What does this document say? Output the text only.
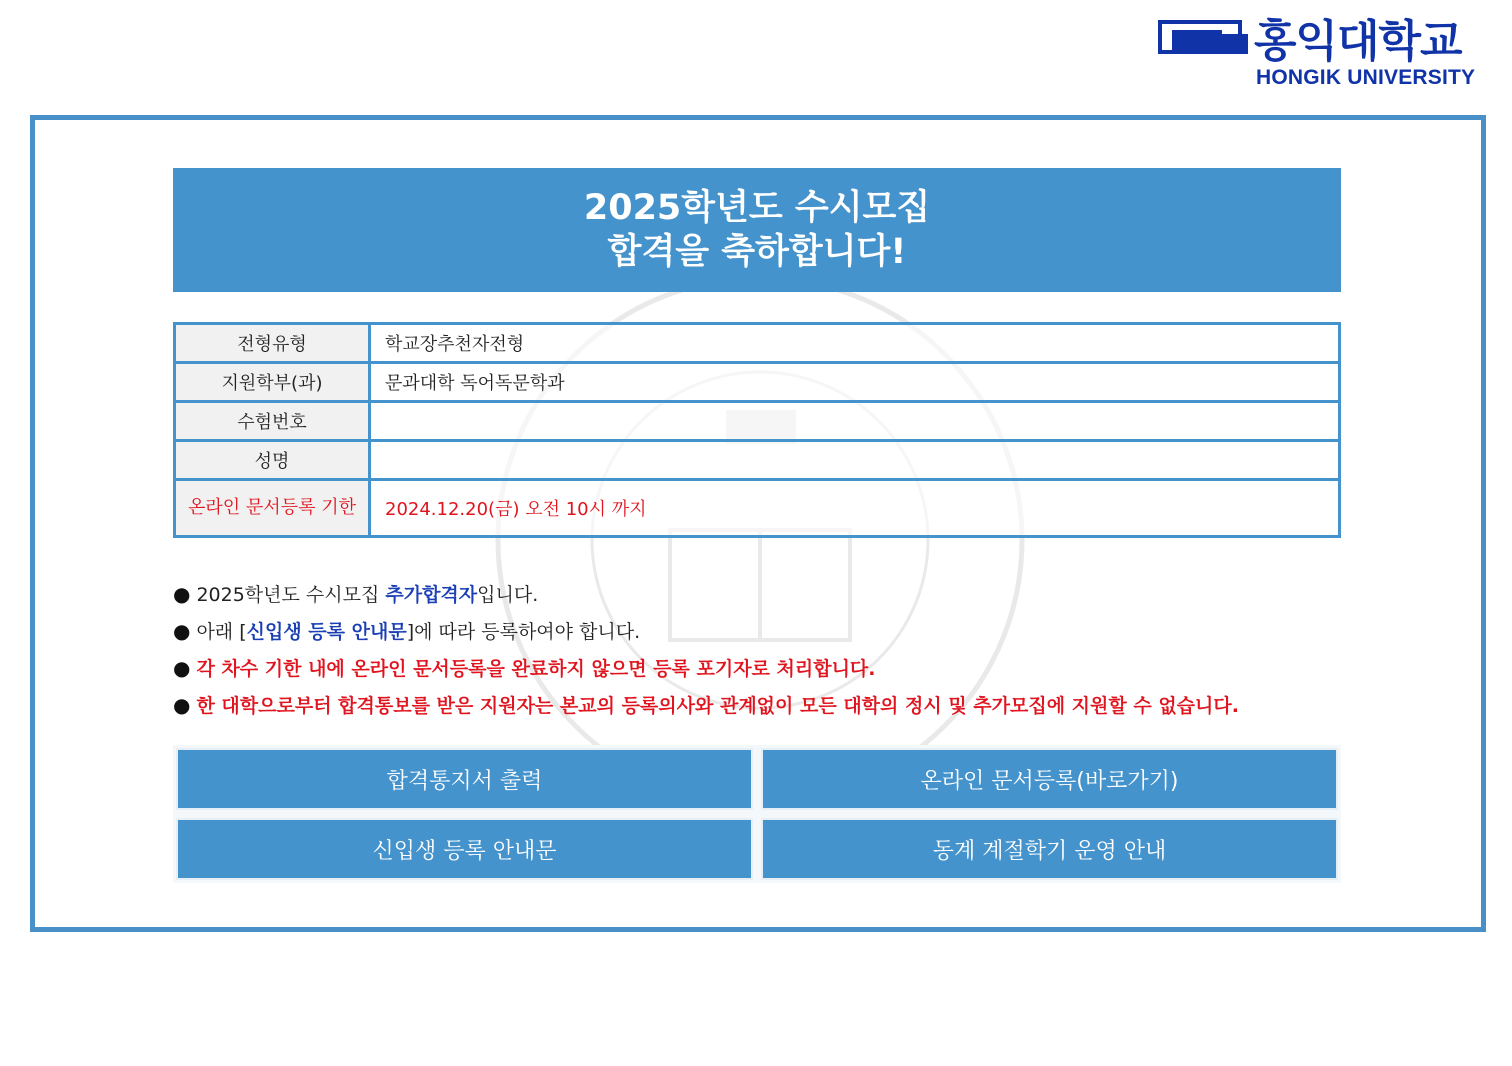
홍익대학교
HONGIK UNIVERSITY
2025학년도 수시모집
합격을 축하합니다!
전형유형	학교장추천자전형
지원학부(과)	문과대학 독어독문학과
수험번호	
성명	
온라인 문서등록 기한	2024.12.20(금) 오전 10시 까지
● 2025학년도 수시모집 추가합격자입니다.
● 아래 [신입생 등록 안내문]에 따라 등록하여야 합니다.
● 각 차수 기한 내에 온라인 문서등록을 완료하지 않으면 등록 포기자로 처리합니다.
● 한 대학으로부터 합격통보를 받은 지원자는 본교의 등록의사와 관계없이 모든 대학의 정시 및 추가모집에 지원할 수 없습니다.
합격통지서 출력	온라인 문서등록(바로가기)
신입생 등록 안내문	동계 계절학기 운영 안내
